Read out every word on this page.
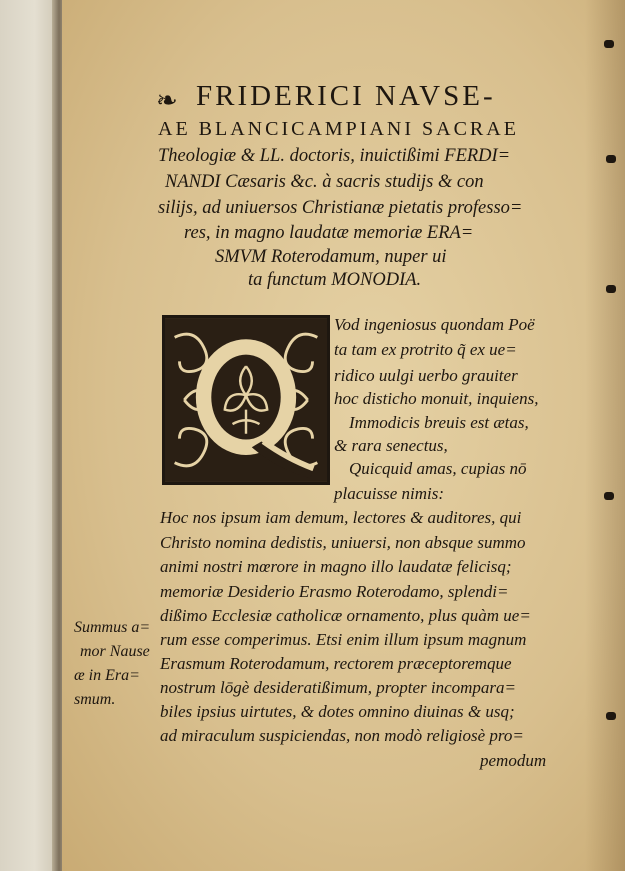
❧ FRIDERICI NAVSE-
AE BLANCICAMPIANI SACRAE
Theologiæ & LL. doctoris, inuictißimi FERDI=
NANDI Cæsaris &c. à sacris studijs & con
silijs, ad uniuersos Christianæ pietatis professo=
res, in magno laudatæ memoriæ ERA=
SMVM Roterodamum, nuper ui
ta functum MONODIA.
Vod ingeniosus quondam Poë
ta tam ex protrito q̃ ex ue=
ridico uulgi uerbo grauiter
hoc disticho monuit, inquiens,
Immodicis breuis est ætas,
& rara senectus,
Quicquid amas, cupias nō
placuisse nimis:
Hoc nos ipsum iam demum, lectores & auditores, qui
Christo nomina dedistis, uniuersi, non absque summo
animi nostri mœrore in magno illo laudatæ felicisq;
memoriæ Desiderio Erasmo Roterodamo, splendi=
dißimo Ecclesiæ catholicæ ornamento, plus quàm ue=
rum esse comperimus. Etsi enim illum ipsum magnum
Erasmum Roterodamum, rectorem præceptoremque
nostrum lōgè desideratißimum, propter incompara=
biles ipsius uirtutes, & dotes omnino diuinas & usq;
ad miraculum suspiciendas, non modò religiosè pro=
pemodum
Summus a=
mor Nause
æ in Era=
smum.
